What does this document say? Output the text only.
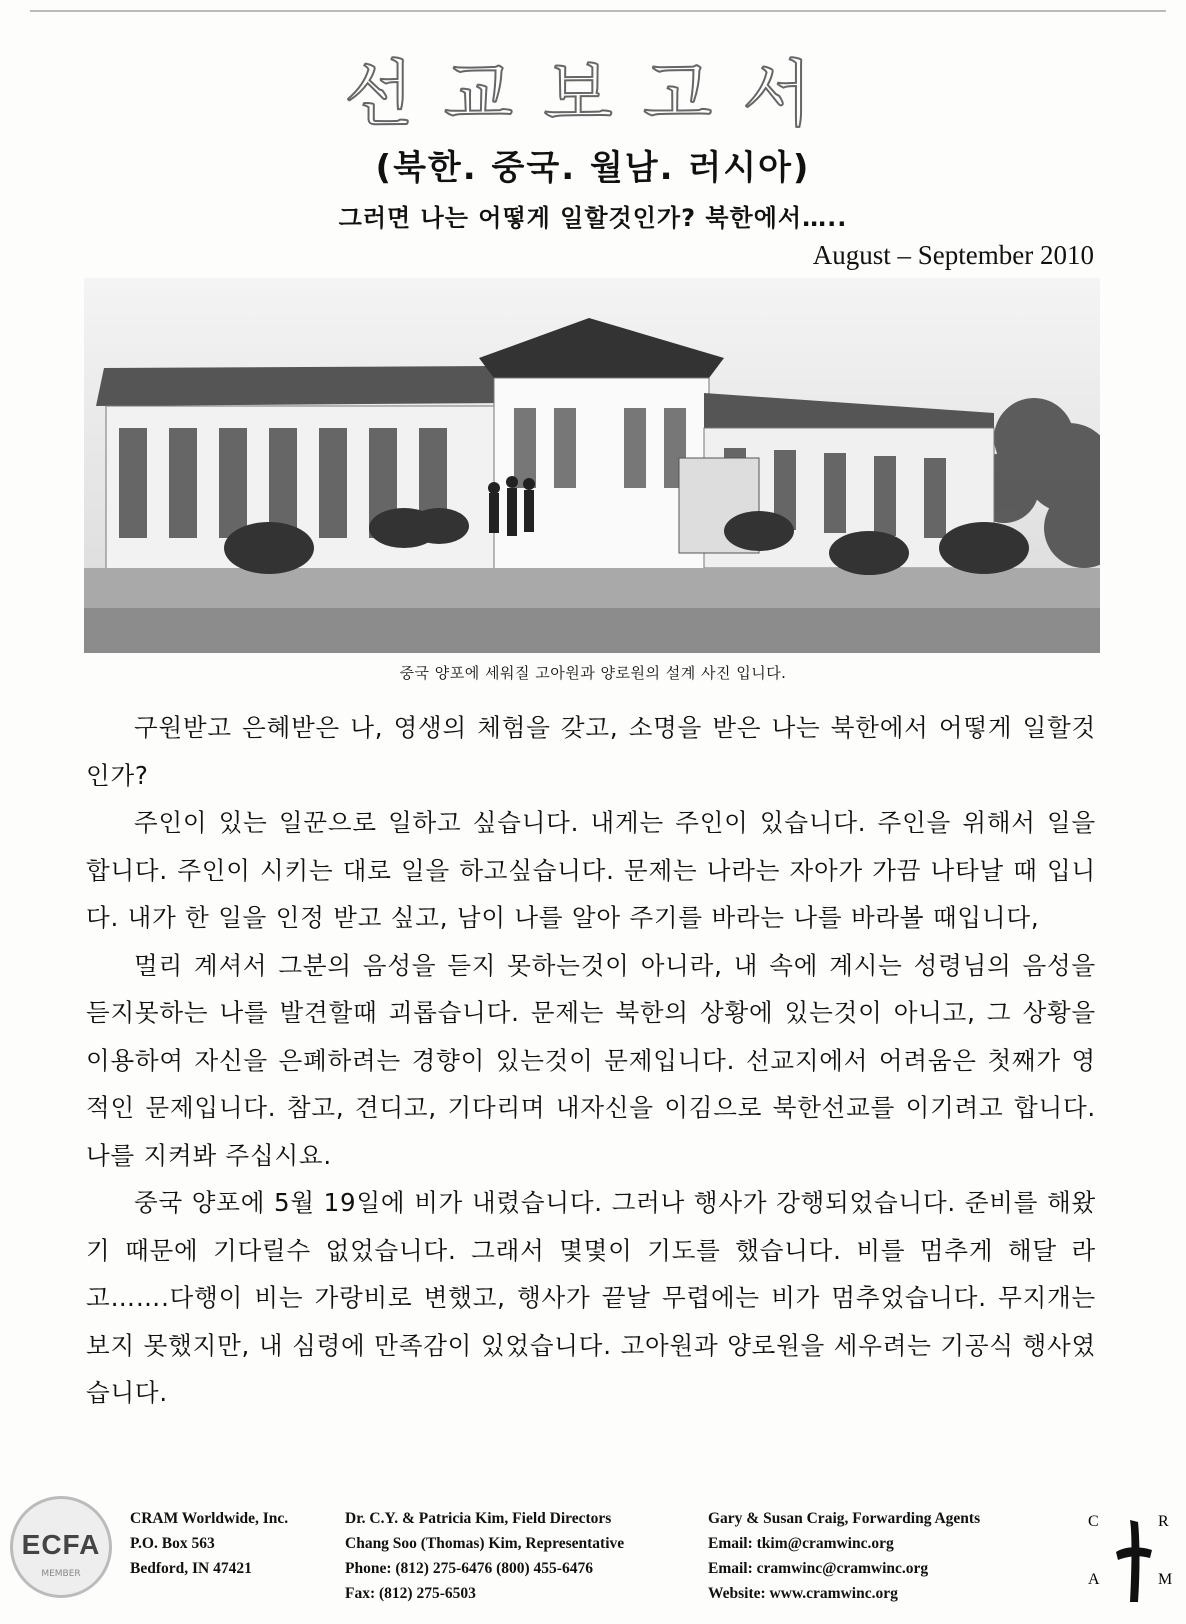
선교보고서
(북한. 중국. 월남. 러시아)
그러면 나는 어떻게 일할것인가? 북한에서…..
August – September 2010
중국 양포에 세워질 고아원과 양로원의 설계 사진 입니다.

구원받고 은혜받은 나, 영생의 체험을 갖고, 소명을 받은 나는 북한에서 어떻게 일할것인가?

주인이 있는 일꾼으로 일하고 싶습니다. 내게는 주인이 있습니다. 주인을 위해서 일을 합니다. 주인이 시키는 대로 일을 하고싶습니다. 문제는 나라는 자아가 가끔 나타날 때 입니다. 내가 한 일을 인정 받고 싶고, 남이 나를 알아 주기를 바라는 나를 바라볼 때입니다,

멀리 계셔서 그분의 음성을 듣지 못하는것이 아니라, 내 속에 계시는 성령님의 음성을 듣지못하는 나를 발견할때 괴롭습니다. 문제는 북한의 상황에 있는것이 아니고, 그 상황을 이용하여 자신을 은폐하려는 경향이 있는것이 문제입니다. 선교지에서 어려움은 첫째가 영적인 문제입니다. 참고, 견디고, 기다리며 내자신을 이김으로 북한선교를 이기려고 합니다. 나를 지켜봐 주십시요.

중국 양포에 5월 19일에 비가 내렸습니다. 그러나 행사가 강행되었습니다. 준비를 해왔기 때문에 기다릴수 없었습니다. 그래서 몇몇이 기도를 했습니다. 비를 멈추게 해달 라고…….다행이 비는 가랑비로 변했고, 행사가 끝날 무렵에는 비가 멈추었습니다. 무지개는 보지 못했지만, 내 심령에 만족감이 있었습니다. 고아원과 양로원을 세우려는 기공식 행사였습니다.

ECFA
MEMBER
CRAM Worldwide, Inc.
P.O. Box 563
Bedford, IN 47421
Dr. C.Y. & Patricia Kim, Field Directors
Chang Soo (Thomas) Kim, Representative
Phone: (812) 275-6476 (800) 455-6476
Fax: (812) 275-6503
Gary & Susan Craig, Forwarding Agents
Email: tkim@cramwinc.org
Email: cramwinc@cramwinc.org
Website: www.cramwinc.org
C	R
A	M
